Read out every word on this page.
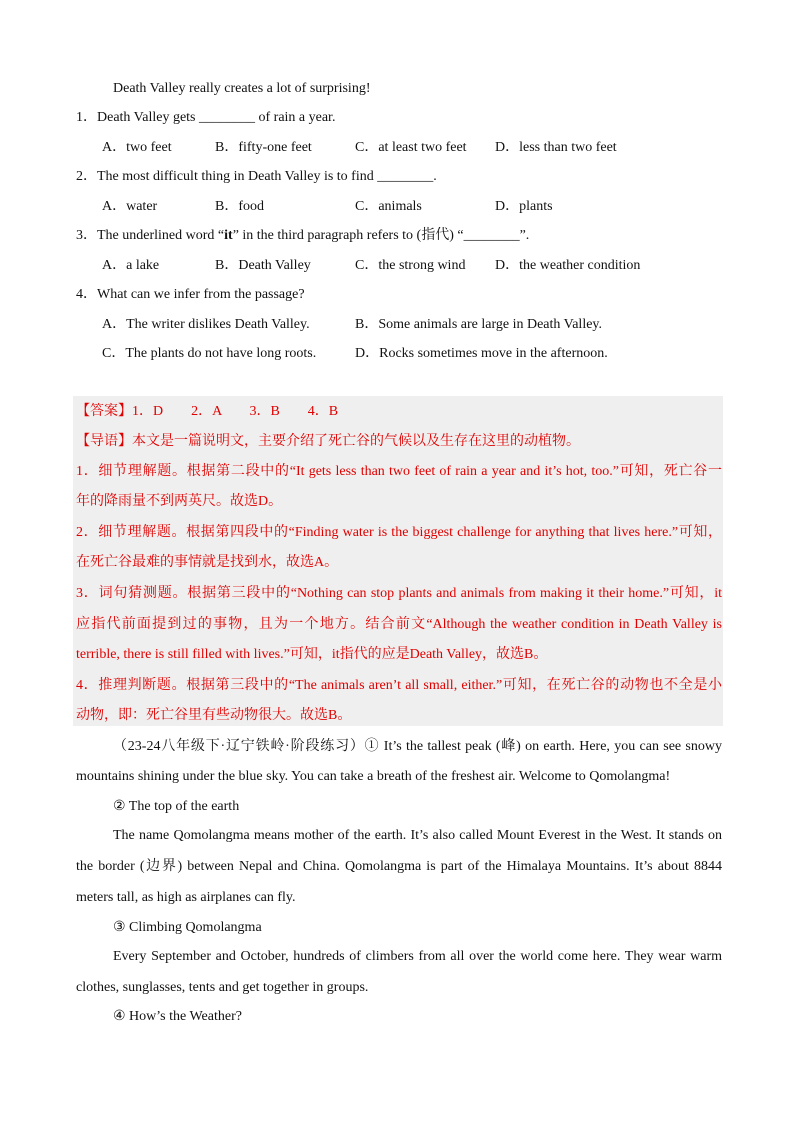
Death Valley really creates a lot of surprising!
1．Death Valley gets ________ of rain a year.
A．two feet	B．fifty-one feet	C．at least two feet D．less than two feet
2．The most difficult thing in Death Valley is to find ________.
A．water	B．food	C．animals	D．plants
3．The underlined word “it” in the third paragraph refers to (指代) “________”.
A．a lake	B．Death Valley	C．the strong wind D．the weather condition
4．What can we infer from the passage?
A．The writer dislikes Death Valley.	B．Some animals are large in Death Valley.
C．The plants do not have long roots.	D．Rocks sometimes move in the afternoon.
【答案】1．D　　2．A　　3．B　　4．B
【导语】本文是一篇说明文，主要介绍了死亡谷的气候以及生存在这里的动植物。
1．细节理解题。根据第二段中的“It gets less than two feet of rain a year and it’s hot, too.”可知，死亡谷一
年的降雨量不到两英尺。故选D。
2．细节理解题。根据第四段中的“Finding water is the biggest challenge for anything that lives here.”可知，
在死亡谷最难的事情就是找到水，故选A。
3．词句猜测题。根据第三段中的“Nothing can stop plants and animals from making it their home.”可知，it
应指代前面提到过的事物，且为一个地方。结合前文“Although the weather condition in Death Valley is
terrible, there is still filled with lives.”可知，it指代的应是Death Valley，故选B。
4．推理判断题。根据第三段中的“The animals aren’t all small, either.”可知，在死亡谷的动物也不全是小
动物，即：死亡谷里有些动物很大。故选B。
（23-24八年级下·辽宁铁岭·阶段练习）① It’s the tallest peak (峰) on earth. Here, you can see snowy
mountains shining under the blue sky. You can take a breath of the freshest air. Welcome to Qomolangma!
② The top of the earth
The name Qomolangma means mother of the earth. It’s also called Mount Everest in the West. It stands on
the border (边界) between Nepal and China. Qomolangma is part of the Himalaya Mountains. It’s about 8844
meters tall, as high as airplanes can fly.
③ Climbing Qomolangma
Every September and October, hundreds of climbers from all over the world come here. They wear warm
clothes, sunglasses, tents and get together in groups.
④ How’s the Weather?
